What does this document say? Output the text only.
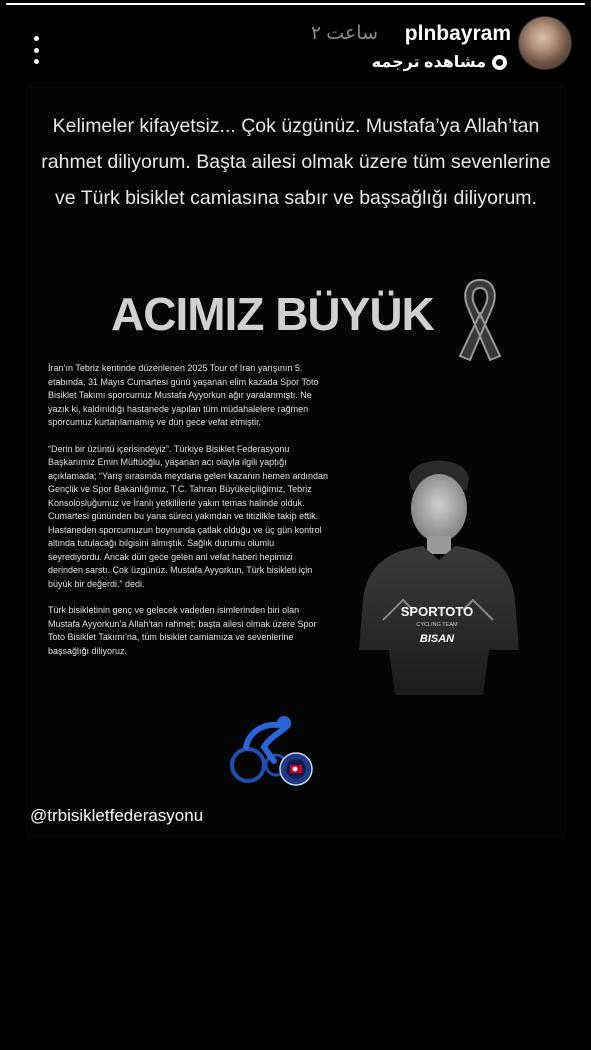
۲ ساعت plnbayram
مشاهده ترجمه
Kelimeler kifayetsiz... Çok üzgünüz. Mustafa’ya Allah’tan
rahmet diliyorum. Başta ailesi olmak üzere tüm sevenlerine
ve Türk bisiklet camiasına sabır ve başsağlığı diliyorum.
ACIMIZ BÜYÜK

İran’ın Tebriz kentinde düzenlenen 2025 Tour of Iran yarışının 5. etabında, 31 Mayıs Cumartesi günü yaşanan elim kazada Spor Toto Bisiklet Takımı sporcumuz Mustafa Ayyorkun ağır yaralanmıştı. Ne yazık ki, kaldırıldığı hastanede yapılan tüm müdahalelere rağmen sporcumuz kurtarılamamış ve dün gece vefat etmiştir.

“Derin bir üzüntü içerisindeyiz”. Türkiye Bisiklet Federasyonu Başkanımız Emin Müftüoğlu, yaşanan acı olayla ilgili yaptığı açıklamada; “Yarış sırasında meydana gelen kazanın hemen ardından Gençlik ve Spor Bakanlığımız, T.C. Tahran Büyükelçiliğimiz, Tebriz Konsolosluğumuz ve İranlı yetkililerle yakın temas halinde olduk. Cumartesi gününden bu yana süreci yakından ve titizlikle takip ettik. Hastaneden sporcumuzun boynunda çatlak olduğu ve üç gün kontrol altında tutulacağı bilgisini almıştık. Sağlık durumu olumlu seyrediyordu. Ancak dün gece gelen ani vefat haberi hepimizi derinden sarstı. Çok üzgünüz. Mustafa Ayyorkun, Türk bisikleti için büyük bir değerdi.” dedi.

Türk bisikletinin genç ve gelecek vadeden isimlerinden biri olan Mustafa Ayyorkun’a Allah’tan rahmet; başta ailesi olmak üzere Spor Toto Bisiklet Takımı’na, tüm bisiklet camiamıza ve sevenlerine başsağlığı diliyoruz.

SPORTOTO
CYCLING TEAM
BISAN
@trbisikletfederasyonu
